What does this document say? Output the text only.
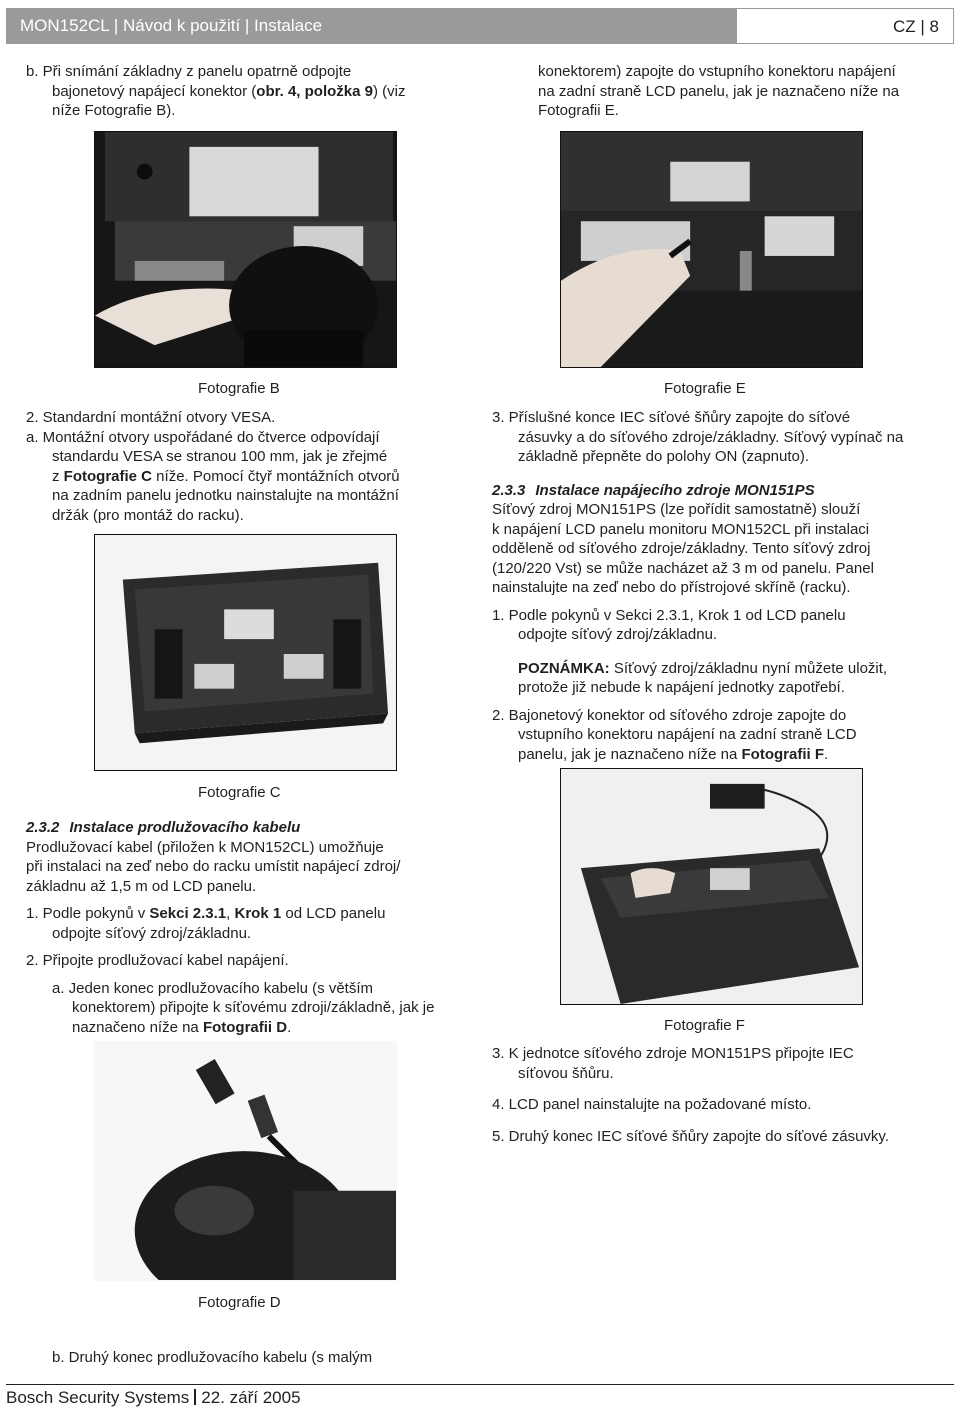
MON152CL | Návod k použití | Instalace	CZ | 8
b. Při snímání základny z panelu opatrně odpojte
bajonetový napájecí konektor (obr. 4, položka 9) (viz
níže Fotografie B).
Fotografie B
2. Standardní montážní otvory VESA.
a. Montážní otvory uspořádané do čtverce odpovídají
standardu VESA se stranou 100 mm, jak je zřejmé
z Fotografie C níže. Pomocí čtyř montážních otvorů
na zadním panelu jednotku nainstalujte na montážní
držák (pro montáž do racku).
Fotografie C
2.3.2 Instalace prodlužovacího kabelu
Prodlužovací kabel (přiložen k MON152CL) umožňuje
při instalaci na zeď nebo do racku umístit napájecí zdroj/
základnu až 1,5 m od LCD panelu.
1. Podle pokynů v Sekci 2.3.1, Krok 1 od LCD panelu
odpojte síťový zdroj/základnu.
2. Připojte prodlužovací kabel napájení.
a. Jeden konec prodlužovacího kabelu (s větším
konektorem) připojte k síťovému zdroji/základně, jak je
naznačeno níže na Fotografii D.
Fotografie D
b. Druhý konec prodlužovacího kabelu (s malým
konektorem) zapojte do vstupního konektoru napájení
na zadní straně LCD panelu, jak je naznačeno níže na
Fotografii E.
Fotografie E
3. Příslušné konce IEC síťové šňůry zapojte do síťové
zásuvky a do síťového zdroje/základny. Síťový vypínač na
základně přepněte do polohy ON (zapnuto).
2.3.3 Instalace napájecího zdroje MON151PS
Síťový zdroj MON151PS (lze pořídit samostatně) slouží
k napájení LCD panelu monitoru MON152CL při instalaci
odděleně od síťového zdroje/základny. Tento síťový zdroj
(120/220 Vst) se může nacházet až 3 m od panelu. Panel
nainstalujte na zeď nebo do přístrojové skříně (racku).
1. Podle pokynů v Sekci 2.3.1, Krok 1 od LCD panelu
odpojte síťový zdroj/základnu.
POZNÁMKA: Síťový zdroj/základnu nyní můžete uložit,
protože již nebude k napájení jednotky zapotřebí.
2. Bajonetový konektor od síťového zdroje zapojte do
vstupního konektoru napájení na zadní straně LCD
panelu, jak je naznačeno níže na Fotografii F.
Fotografie F
3. K jednotce síťového zdroje MON151PS připojte IEC
síťovou šňůru.
4. LCD panel nainstalujte na požadované místo.
5. Druhý konec IEC síťové šňůry zapojte do síťové zásuvky.
Bosch Security Systems 22. září 2005
